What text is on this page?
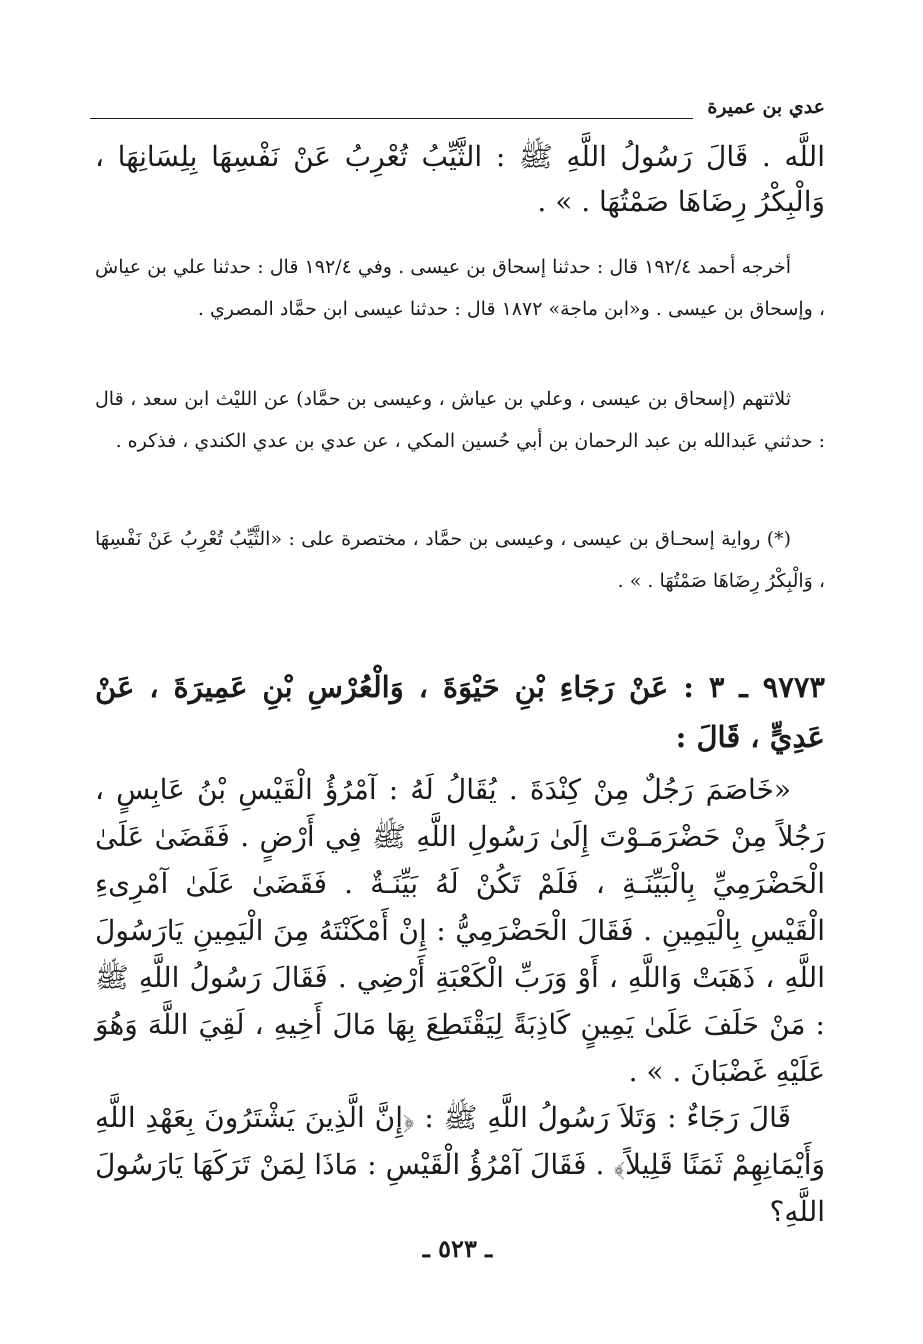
عدي بن عميرة
اللَّه . قَالَ رَسُولُ اللَّهِ ﷺ : الثَّيِّبُ تُعْرِبُ عَنْ نَفْسِهَا بِلِسَانِهَا ، وَالْبِكْرُ رِضَاهَا صَمْتُهَا . » .
أخرجه أحمد ١٩٢/٤ قال : حدثنا إسحاق بن عيسى . وفي ١٩٢/٤ قال : حدثنا علي بن عياش ، وإسحاق بن عيسى . و«ابن ماجة» ١٨٧٢ قال : حدثنا عيسى ابن حمَّاد المصري .
ثلاثتهم (إسحاق بن عيسى ، وعلي بن عياش ، وعيسى بن حمَّاد) عن الليْث ابن سعد ، قال : حدثني عَبدالله بن عبد الرحمان بن أبي حُسين المكي ، عن عدي بن عدي الكندي ، فذكره .
(*) رواية إسحـاق بن عيسى ، وعيسى بن حمَّاد ، مختصرة على : «الثَّيِّبُ تُعْرِبُ عَنْ نَفْسِهَا ، وَالْبِكْرُ رِضَاهَا صَمْتُهَا . » .
٩٧٧٣ ـ ٣ : عَنْ رَجَاءِ بْنِ حَيْوَةَ ، وَالْعُرْسِ بْنِ عَمِيرَةَ ، عَنْ عَدِيٍّ ، قَالَ :
«خَاصَمَ رَجُلٌ مِنْ كِنْدَةَ . يُقَالُ لَهُ : آمْرُؤُ الْقَيْسِ بْنُ عَابِسٍ ، رَجُلاً مِنْ حَضْرَمَـوْتَ إِلَىٰ رَسُولِ اللَّهِ ﷺ فِي أَرْضٍ . فَقَضَىٰ عَلَىٰ الْحَضْرَمِيِّ بِالْبَيِّنَـةِ ، فَلَمْ تَكُنْ لَهُ بَيِّنَـةٌ . فَقَضَىٰ عَلَىٰ آمْرِىءِ الْقَيْسِ بِالْيَمِينِ . فَقَالَ الْحَضْرَمِيُّ : إِنْ أَمْكَنْتَهُ مِنَ الْيَمِينِ يَارَسُولَ اللَّهِ ، ذَهَبَتْ وَاللَّهِ ، أَوْ وَرَبِّ الْكَعْبَةِ أَرْضِي . فَقَالَ رَسُولُ اللَّهِ ﷺ : مَنْ حَلَفَ عَلَىٰ يَمِينٍ كَاذِبَةً لِيَقْتَطِعَ بِهَا مَالَ أَخِيهِ ، لَقِيَ اللَّهَ وَهُوَ عَلَيْهِ غَضْبَانَ . » .
قَالَ رَجَاءٌ : وَتَلاَ رَسُولُ اللَّهِ ﷺ : ﴿إِنَّ الَّذِينَ يَشْتَرُونَ بِعَهْدِ اللَّهِ وَأَيْمَانِهِمْ ثَمَنًا قَلِيلاً﴾ . فَقَالَ آمْرُؤُ الْقَيْسِ : مَاذَا لِمَنْ تَرَكَهَا يَارَسُولَ اللَّهِ؟
ـ ٥٢٣ ـ
